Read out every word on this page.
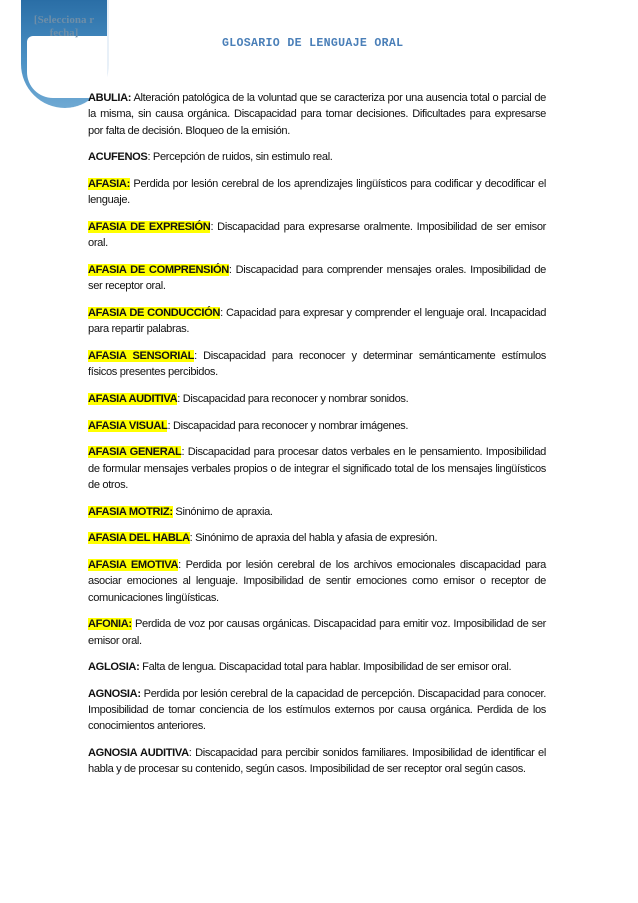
[Selecciona r fecha]
GLOSARIO DE LENGUAJE ORAL

ABULIA: Alteración patológica de la voluntad que se caracteriza por una ausencia total o parcial de la misma, sin causa orgánica. Discapacidad para tomar decisiones. Dificultades para expresarse por falta de decisión. Bloqueo de la emisión.

ACUFENOS: Percepción de ruidos, sin estimulo real.

AFASIA: Perdida por lesión cerebral de los aprendizajes lingüísticos para codificar y decodificar el lenguaje.

AFASIA DE EXPRESIÓN: Discapacidad para expresarse oralmente. Imposibilidad de ser emisor oral.

AFASIA DE COMPRENSIÓN: Discapacidad para comprender mensajes orales. Imposibilidad de ser receptor oral.

AFASIA DE CONDUCCIÓN: Capacidad para expresar y comprender el lenguaje oral. Incapacidad para repartir palabras.

AFASIA SENSORIAL: Discapacidad para reconocer y determinar semánticamente estímulos físicos presentes percibidos.

AFASIA AUDITIVA: Discapacidad para reconocer y nombrar sonidos.

AFASIA VISUAL: Discapacidad para reconocer y nombrar imágenes.

AFASIA GENERAL: Discapacidad para procesar datos verbales en le pensamiento. Imposibilidad de formular mensajes verbales propios o de integrar el significado total de los mensajes lingüísticos de otros.

AFASIA MOTRIZ: Sinónimo de apraxia.

AFASIA DEL HABLA: Sinónimo de apraxia del habla y afasia de expresión.

AFASIA EMOTIVA: Perdida por lesión cerebral de los archivos emocionales discapacidad para asociar emociones al lenguaje. Imposibilidad de sentir emociones como emisor o receptor de comunicaciones lingüísticas.

AFONIA: Perdida de voz por causas orgánicas. Discapacidad para emitir voz. Imposibilidad de ser emisor oral.

AGLOSIA: Falta de lengua. Discapacidad total para hablar. Imposibilidad de ser emisor oral.

AGNOSIA: Perdida por lesión cerebral de la capacidad de percepción. Discapacidad para conocer. Imposibilidad de tomar conciencia de los estímulos externos por causa orgánica. Perdida de los conocimientos anteriores.

AGNOSIA AUDITIVA: Discapacidad para percibir sonidos familiares. Imposibilidad de identificar el habla y de procesar su contenido, según casos. Imposibilidad de ser receptor oral según casos.
